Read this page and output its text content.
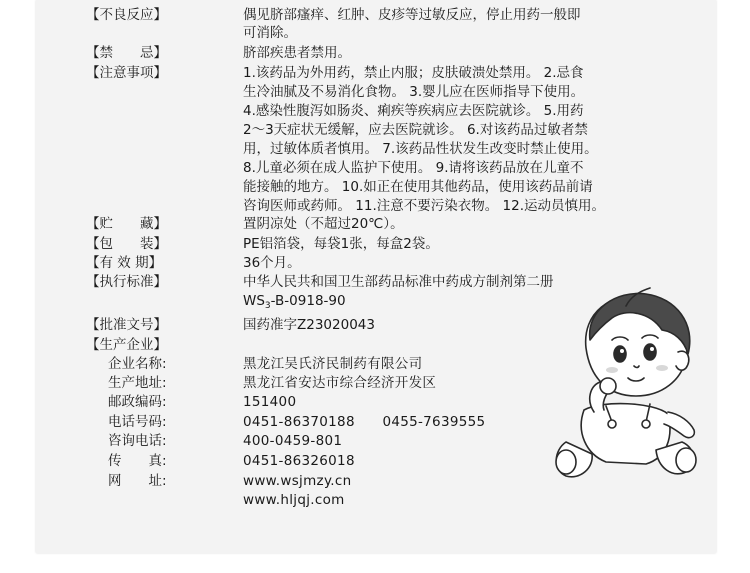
【不良反应】	偶见脐部瘙痒、红肿、皮疹等过敏反应，停止用药一般即
可消除。
【禁　　忌】	脐部疾患者禁用。
【注意事项】	1.该药品为外用药，禁止内服；皮肤破溃处禁用。 2.忌食
生冷油腻及不易消化食物。 3.婴儿应在医师指导下使用。
4.感染性腹泻如肠炎、痢疾等疾病应去医院就诊。 5.用药
2～3天症状无缓解，应去医院就诊。 6.对该药品过敏者禁
用，过敏体质者慎用。 7.该药品性状发生改变时禁止使用。
8.儿童必须在成人监护下使用。 9.请将该药品放在儿童不
能接触的地方。 10.如正在使用其他药品，使用该药品前请
咨询医师或药师。 11.注意不要污染衣物。 12.运动员慎用。
【贮　　藏】	置阴凉处（不超过20℃）。
【包　　装】	PE铝箔袋，每袋1张，每盒2袋。
【有 效 期】	36个月。
【执行标准】	中华人民共和国卫生部药品标准中药成方制剂第二册
$WS_3-B-0918-90$
【批准文号】	国药准字Z23020043
【生产企业】
企业名称:	黑龙江吴氏济民制药有限公司
生产地址:	黑龙江省安达市综合经济开发区
邮政编码:	151400
电话号码:	0451-86370188　　0455-7639555
咨询电话:	400-0459-801
传　　真:	0451-86326018
网　　址:	www.wsjmzy.cn
www.hljqj.com
